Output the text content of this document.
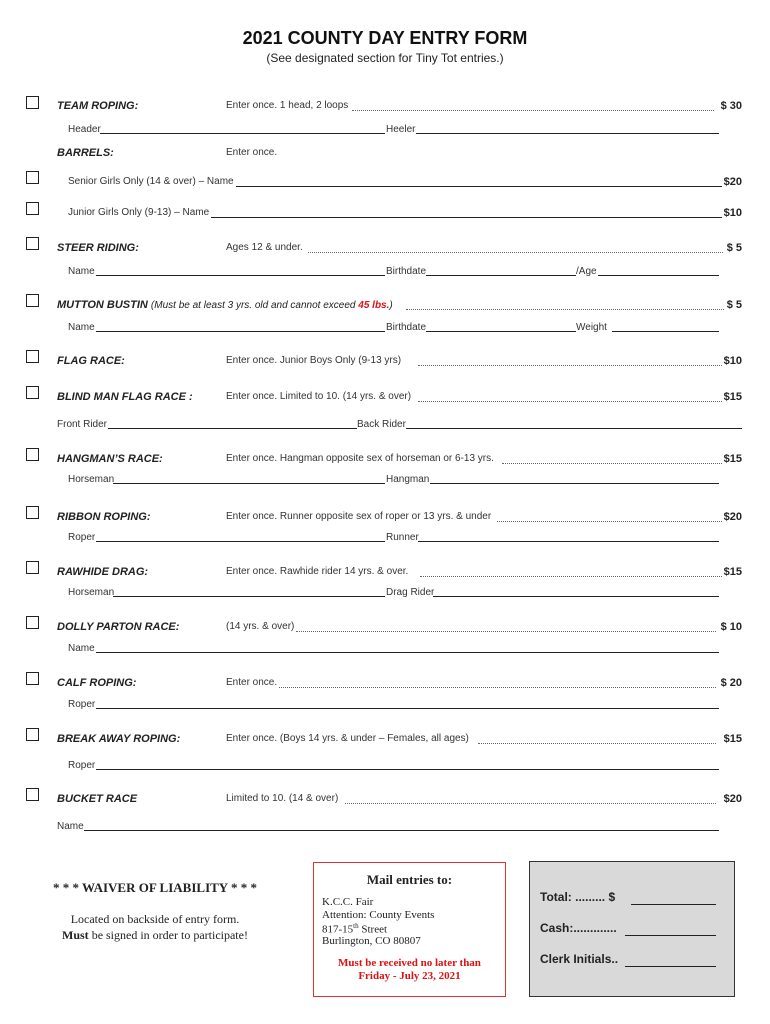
2021 COUNTY DAY ENTRY FORM
(See designated section for Tiny Tot entries.)
TEAM ROPING:	Enter once. 1 head, 2 loops	$ 30
Header	Heeler
BARRELS:	Enter once.
Senior Girls Only (14 & over) – Name	$20
Junior Girls Only (9-13) – Name	$10
STEER RIDING:	Ages 12 & under.	$ 5
Name	Birthdate	/Age
MUTTON BUSTIN (Must be at least 3 yrs. old and cannot exceed 45 lbs.)	$ 5
Name	Birthdate	Weight
FLAG RACE:	Enter once. Junior Boys Only (9-13 yrs)	$10
BLIND MAN FLAG RACE :	Enter once. Limited to 10. (14 yrs. & over)	$15
Front Rider	Back Rider
HANGMAN’S RACE:	Enter once. Hangman opposite sex of horseman or 6-13 yrs.	$15
Horseman	Hangman
RIBBON ROPING:	Enter once. Runner opposite sex of roper or 13 yrs. & under	$20
Roper	Runner
RAWHIDE DRAG:	Enter once. Rawhide rider 14 yrs. & over.	$15
Horseman	Drag Rider
DOLLY PARTON RACE:	(14 yrs. & over)	$ 10
Name
CALF ROPING:	Enter once.	$ 20
Roper
BREAK AWAY ROPING:	Enter once. (Boys 14 yrs. & under – Females, all ages)	$15
Roper
BUCKET RACE	Limited to 10. (14 & over)	$20
Name
* * * WAIVER OF LIABILITY * * *
Located on backside of entry form.
Must be signed in order to participate!
Mail entries to:
K.C.C. Fair
Attention: County Events
817-15th Street
Burlington, CO 80807
Must be received no later than
Friday - July 23, 2021
Total: ......... $
Cash:.............
Clerk Initials..
